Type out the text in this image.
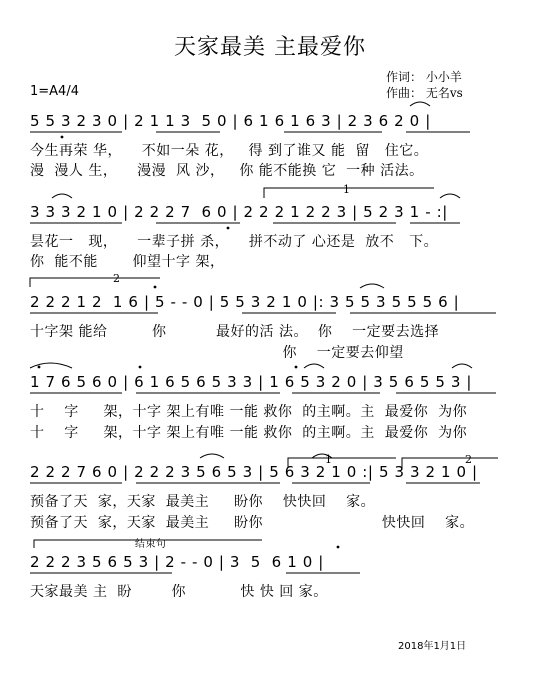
天家最美 主最爱你
作词： 小小羊
作曲： 无名vs
1=A4/4
5 5 3 2 3 0 | 2 1 1 3  5 0 | 6 1 6 1 6 3 | 2 3 6 2 0 |
今生再荣 华，    不如一朵 花，   得 到了谁又 能  留   住它。
漫  漫人 生，    漫漫  风 沙，   你 能不能换 它  一种 活法。
3 3 3 2 1 0 | 2 2 2 7  6 0 | 2 2 2 1 2 2 3 | 5 2 3 1 - :|
昙花一   现，    一辈子拼 杀，    拼不动了 心还是  放不   下。
你  能不能       仰望十字 架，
2 2 2 1 2  1 6 | 5 - - 0 | 5 5 3 2 1 0 |: 3 5 5 3 5 5 5 6 |
十字架 能给         你          最好的活 法。  你    一定要去选择
你    一定要去仰望
1 7 6 5 6 0 | 6 1 6 5 6 5 3 3 | 1 6 5 3 2 0 | 3 5 6 5 5 3 |
十    字     架，十字 架上有唯 一能 救你  的主啊。主  最爱你  为你
十    字     架，十字 架上有唯 一能 救你  的主啊。主  最爱你  为你
2 2 2 7 6 0 | 2 2 2 3 5 6 5 3 | 5 6 3 2 1 0 :| 5 3 3 2 1 0 |
预备了天  家，天家  最美主     盼你    快快回    家。
预备了天  家，天家  最美主     盼你                        快快回    家。
2 2 2 3 5 6 5 3 | 2 - - 0 | 3  5  6 1 0 |
天家最美 主  盼        你           快 快 回 家。
1
2
1	2
结束句
2018年1月1日
